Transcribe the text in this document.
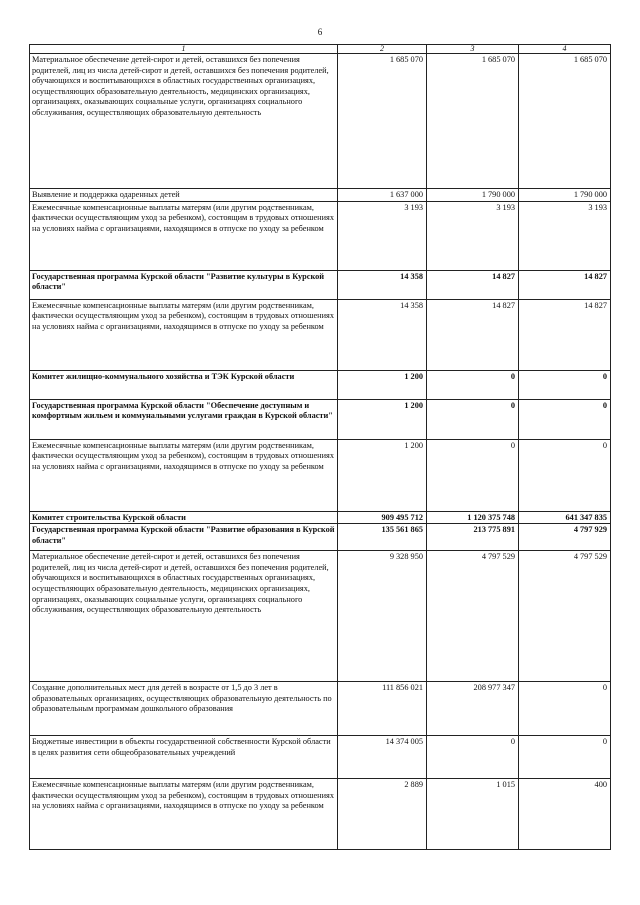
6
1	2	3	4
Материальное обеспечение детей-сирот и детей, оставшихся без попечения родителей, лиц из числа детей-сирот и детей, оставшихся без попечения родителей, обучающихся и воспитывающихся в областных государственных организациях, осуществляющих образовательную деятельность, медицинских организациях, организациях, оказывающих социальные услуги, организациях социального обслуживания, осуществляющих образовательную деятельность	1 685 070	1 685 070	1 685 070
Выявление и поддержка одаренных детей	1 637 000	1 790 000	1 790 000
Ежемесячные компенсационные выплаты матерям (или другим родственникам, фактически осуществляющим уход за ребенком), состоящим в трудовых отношениях на условиях найма с организациями, находящимся в отпуске по уходу за ребенком	3 193	3 193	3 193
Государственная программа Курской области "Развитие культуры в Курской области"	14 358	14 827	14 827
Ежемесячные компенсационные выплаты матерям (или другим родственникам, фактически осуществляющим уход за ребенком), состоящим в трудовых отношениях на условиях найма с организациями, находящимся в отпуске по уходу за ребенком	14 358	14 827	14 827
Комитет жилищно-коммунального хозяйства и ТЭК Курской области	1 200	0	0
Государственная программа Курской области "Обеспечение доступным и комфортным жильем и коммунальными услугами граждан в Курской области"	1 200	0	0
Ежемесячные компенсационные выплаты матерям (или другим родственникам, фактически осуществляющим уход за ребенком), состоящим в трудовых отношениях на условиях найма с организациями, находящимся в отпуске по уходу за ребенком	1 200	0	0
Комитет строительства Курской области	909 495 712	1 120 375 748	641 347 835
Государственная программа Курской области "Развитие образования в Курской области"	135 561 865	213 775 891	4 797 929
Материальное обеспечение детей-сирот и детей, оставшихся без попечения родителей, лиц из числа детей-сирот и детей, оставшихся без попечения родителей, обучающихся и воспитывающихся в областных государственных организациях, осуществляющих образовательную деятельность, медицинских организациях, организациях, оказывающих социальные услуги, организациях социального обслуживания, осуществляющих образовательную деятельность	9 328 950	4 797 529	4 797 529
Создание дополнительных мест для детей в возрасте от 1,5 до 3 лет в образовательных организациях, осуществляющих образовательную деятельность по образовательным программам дошкольного образования	111 856 021	208 977 347	0
Бюджетные инвестиции в объекты государственной собственности Курской области в целях развития сети общеобразовательных учреждений	14 374 005	0	0
Ежемесячные компенсационные выплаты матерям (или другим родственникам, фактически осуществляющим уход за ребенком), состоящим в трудовых отношениях на условиях найма с организациями, находящимся в отпуске по уходу за ребенком	2 889	1 015	400
